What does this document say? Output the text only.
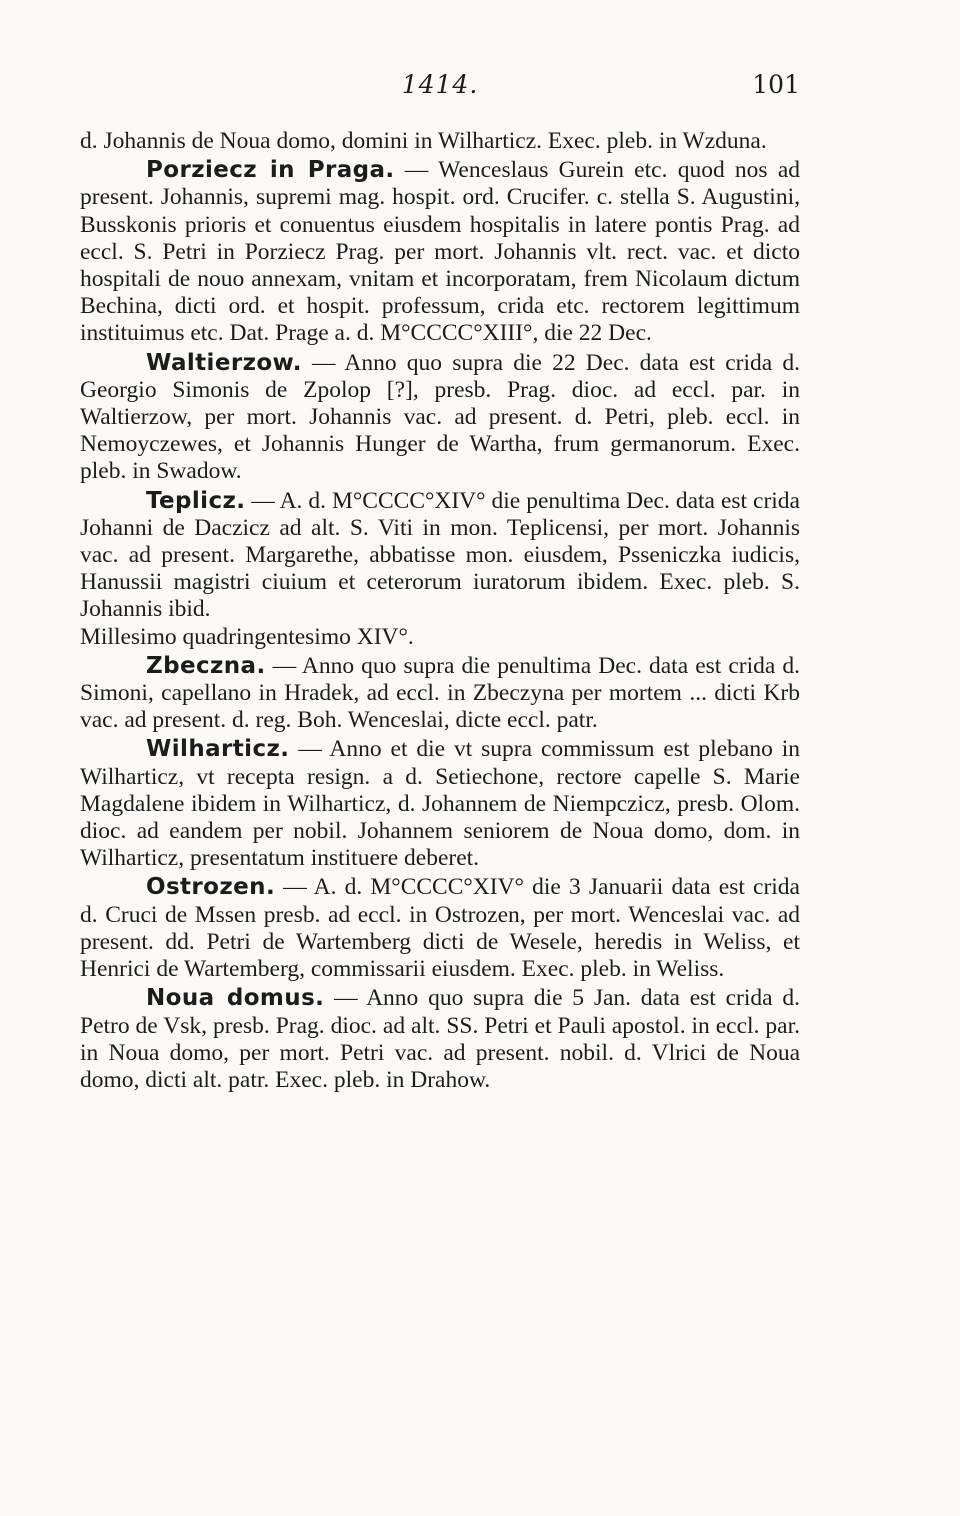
1414.	101

d. Johannis de Noua domo, domini in Wilharticz. Exec. pleb. in Wzduna.

Porziecz in Praga. — Wenceslaus Gurein etc. quod nos ad present. Johannis, supremi mag. hospit. ord. Crucifer. c. stella S. Augustini, Busskonis prioris et conuentus eiusdem hospitalis in latere pontis Prag. ad eccl. S. Petri in Porziecz Prag. per mort. Johannis vlt. rect. vac. et dicto hospitali de nouo annexam, vnitam et incorporatam, frem Nicolaum dictum Bechina, dicti ord. et hospit. professum, crida etc. rectorem legittimum instituimus etc. Dat. Prage a. d. M°CCCC°XIII°, die 22 Dec.

Waltierzow. — Anno quo supra die 22 Dec. data est crida d. Georgio Simonis de Zpolop [?], presb. Prag. dioc. ad eccl. par. in Waltierzow, per mort. Johannis vac. ad present. d. Petri, pleb. eccl. in Nemoyczewes, et Johannis Hunger de Wartha, frum germanorum. Exec. pleb. in Swadow.

Teplicz. — A. d. M°CCCC°XIV° die penultima Dec. data est crida Johanni de Daczicz ad alt. S. Viti in mon. Teplicensi, per mort. Johannis vac. ad present. Margarethe, abbatisse mon. eiusdem, Psseniczka iudicis, Hanussii magistri ciuium et ceterorum iuratorum ibidem. Exec. pleb. S. Johannis ibid.

Millesimo quadringentesimo XIV°.

Zbeczna. — Anno quo supra die penultima Dec. data est crida d. Simoni, capellano in Hradek, ad eccl. in Zbeczyna per mortem ... dicti Krb vac. ad present. d. reg. Boh. Wenceslai, dicte eccl. patr.

Wilharticz. — Anno et die vt supra commissum est plebano in Wilharticz, vt recepta resign. a d. Setiechone, rectore capelle S. Marie Magdalene ibidem in Wilharticz, d. Johannem de Niempczicz, presb. Olom. dioc. ad eandem per nobil. Johannem seniorem de Noua domo, dom. in Wilharticz, presentatum instituere deberet.

Ostrozen. — A. d. M°CCCC°XIV° die 3 Januarii data est crida d. Cruci de Mssen presb. ad eccl. in Ostrozen, per mort. Wenceslai vac. ad present. dd. Petri de Wartemberg dicti de Wesele, heredis in Weliss, et Henrici de Wartemberg, commissarii eiusdem. Exec. pleb. in Weliss.

Noua domus. — Anno quo supra die 5 Jan. data est crida d. Petro de Vsk, presb. Prag. dioc. ad alt. SS. Petri et Pauli apostol. in eccl. par. in Noua domo, per mort. Petri vac. ad present. nobil. d. Vlrici de Noua domo, dicti alt. patr. Exec. pleb. in Drahow.
